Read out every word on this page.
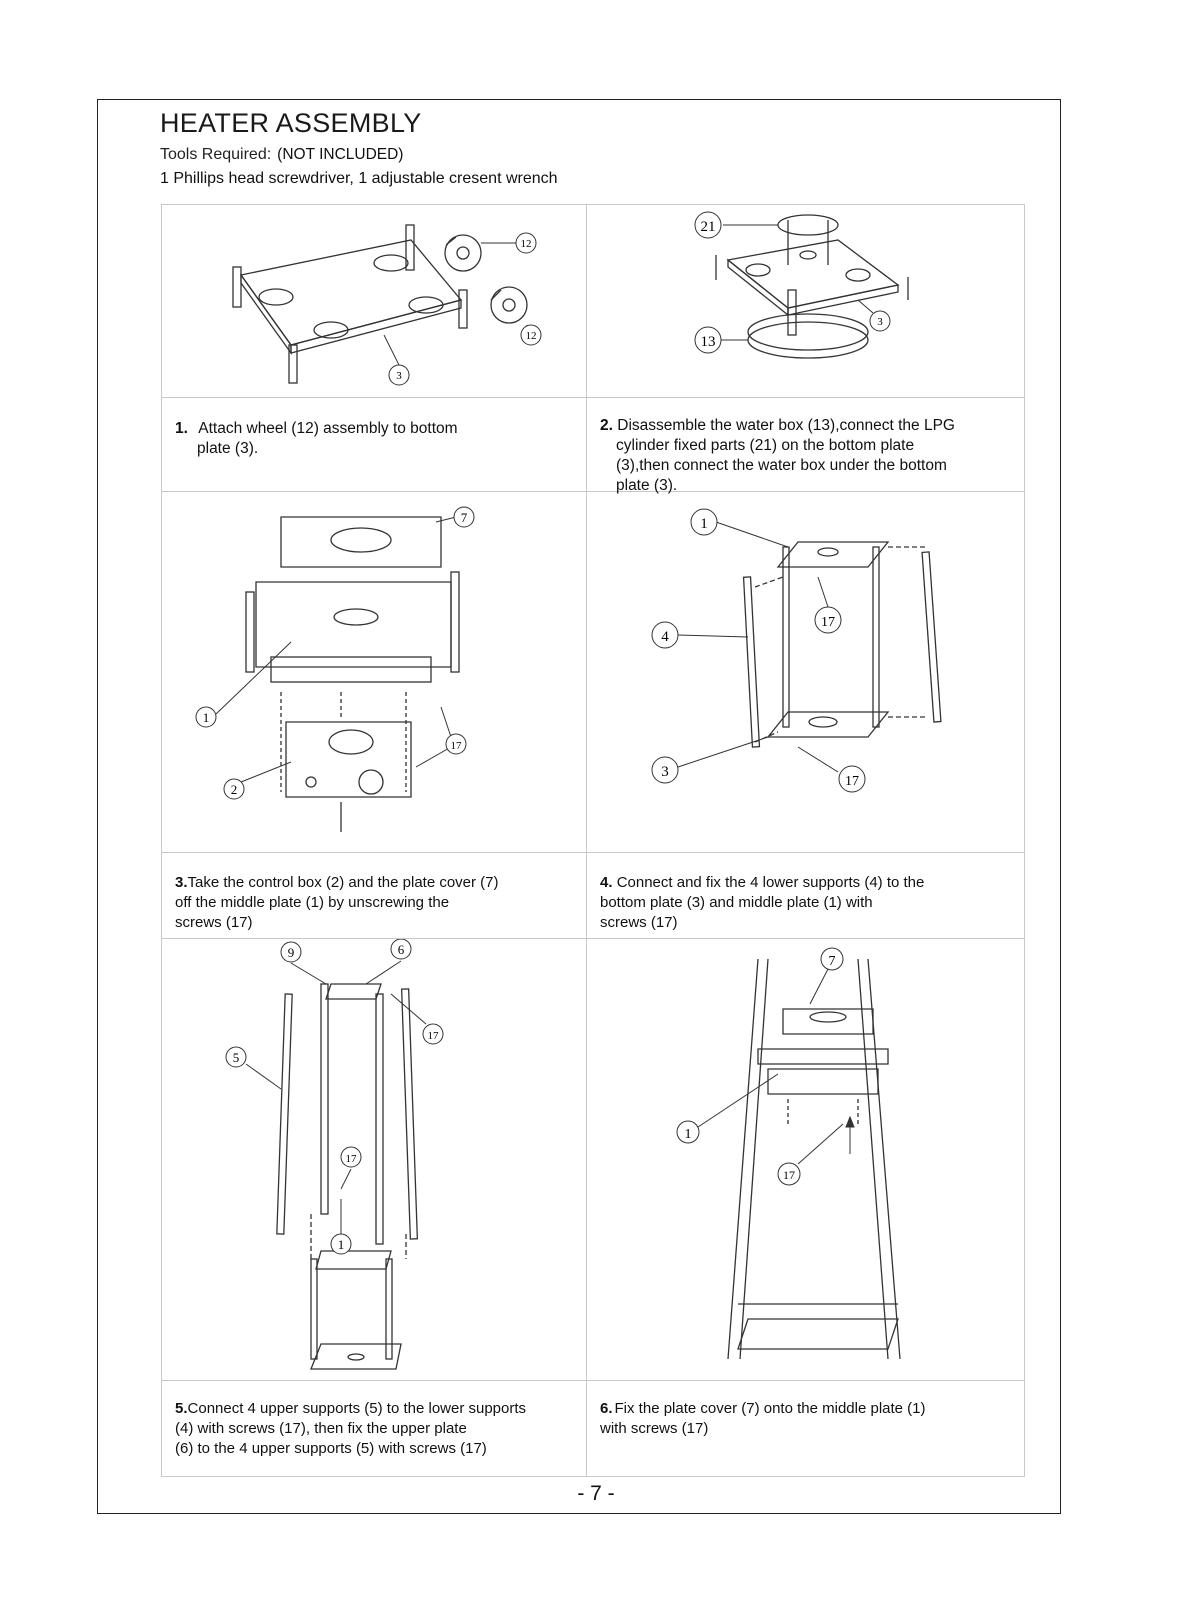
HEATER ASSEMBLY
Tools Required: (NOT INCLUDED)
1 Phillips head screwdriver, 1 adjustable cresent wrench
12
12
3
21
13
3
1. Attach wheel (12) assembly to bottom
plate (3).
2. Disassemble the water box (13),connect the LPG
cylinder fixed parts (21) on the bottom plate
(3),then connect the water box under the bottom
plate (3).
7
1
17
2
1
17
4
3
17
3.Take the control box (2) and the plate cover (7)
off the middle plate (1) by unscrewing the
screws (17)
4. Connect and fix the 4 lower supports (4) to the
bottom plate (3) and middle plate (1) with
screws (17)
9	6
17
5
17
1
7
1
17
5.Connect 4 upper supports (5) to the lower supports
(4) with screws (17), then fix the upper plate
(6) to the 4 upper supports (5) with screws (17)
6. Fix the plate cover (7) onto the middle plate (1)
with screws (17)
- 7 -
